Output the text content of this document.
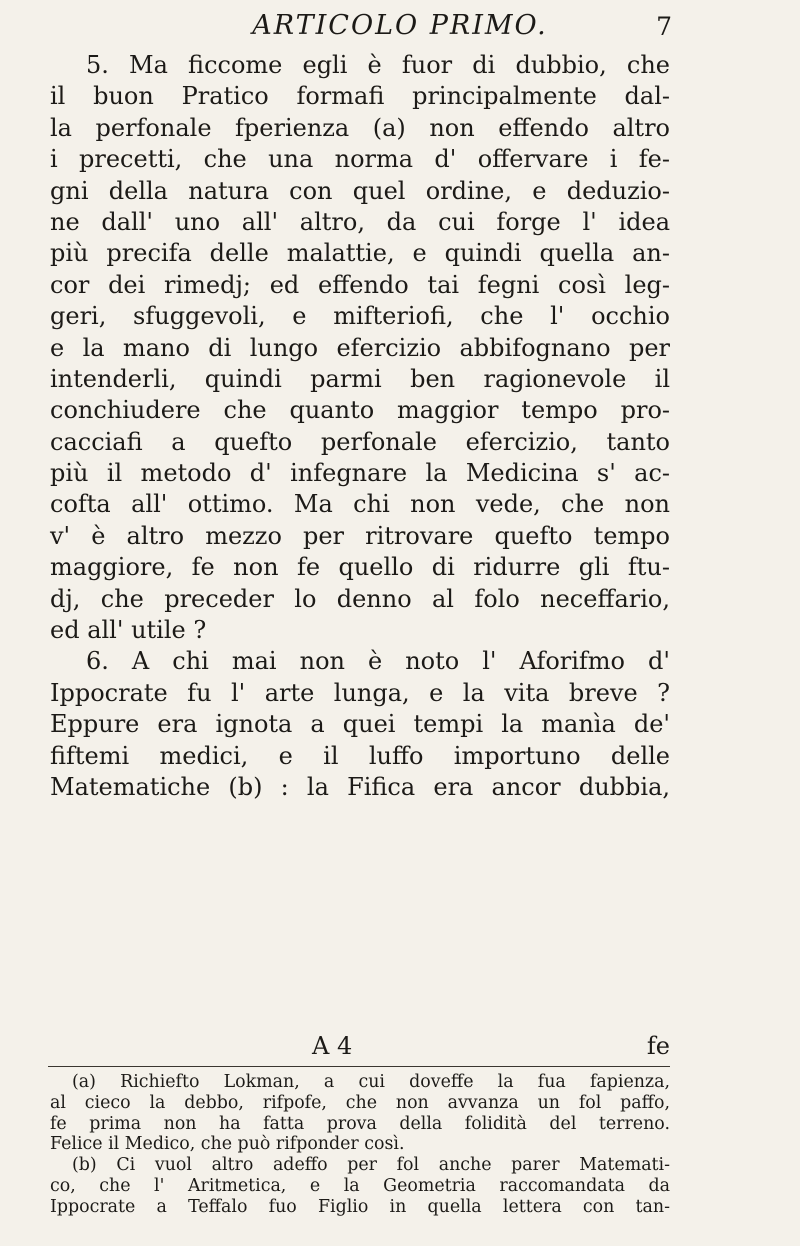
ARTICOLO PRIMO.	7
5. Ma ficcome egli è fuor di dubbio, che
il buon Pratico formafi principalmente dal-
la perfonale fperienza (a) non effendo altro
i precetti, che una norma d' offervare i fe-
gni della natura con quel ordine, e deduzio-
ne dall' uno all' altro, da cui forge l' idea
più precifa delle malattie, e quindi quella an-
cor dei rimedj; ed effendo tai fegni così leg-
geri, sfuggevoli, e mifteriofi, che l' occhio
e la mano di lungo efercizio abbifognano per
intenderli, quindi parmi ben ragionevole il
conchiudere che quanto maggior tempo pro-
cacciafi a quefto perfonale efercizio, tanto
più il metodo d' infegnare la Medicina s' ac-
cofta all' ottimo. Ma chi non vede, che non
v' è altro mezzo per ritrovare quefto tempo
maggiore, fe non fe quello di ridurre gli ftu-
dj, che preceder lo denno al folo neceffario,
ed all' utile ?
6. A chi mai non è noto l' Aforifmo d'
Ippocrate fu l' arte lunga, e la vita breve ?
Eppure era ignota a quei tempi la manìa de'
fiftemi medici, e il luffo importuno delle
Matematiche (b) : la Fifica era ancor dubbia,
A 4	fe
(a) Richiefto Lokman, a cui doveffe la fua fapienza,
al cieco la debbo, rifpofe, che non avvanza un fol paffo,
fe prima non ha fatta prova della folidità del terreno.
Felice il Medico, che può rifponder così.
(b) Ci vuol altro adeffo per fol anche parer Matemati-
co, che l' Aritmetica, e la Geometria raccomandata da
Ippocrate a Teffalo fuo Figlio in quella lettera con tan-
